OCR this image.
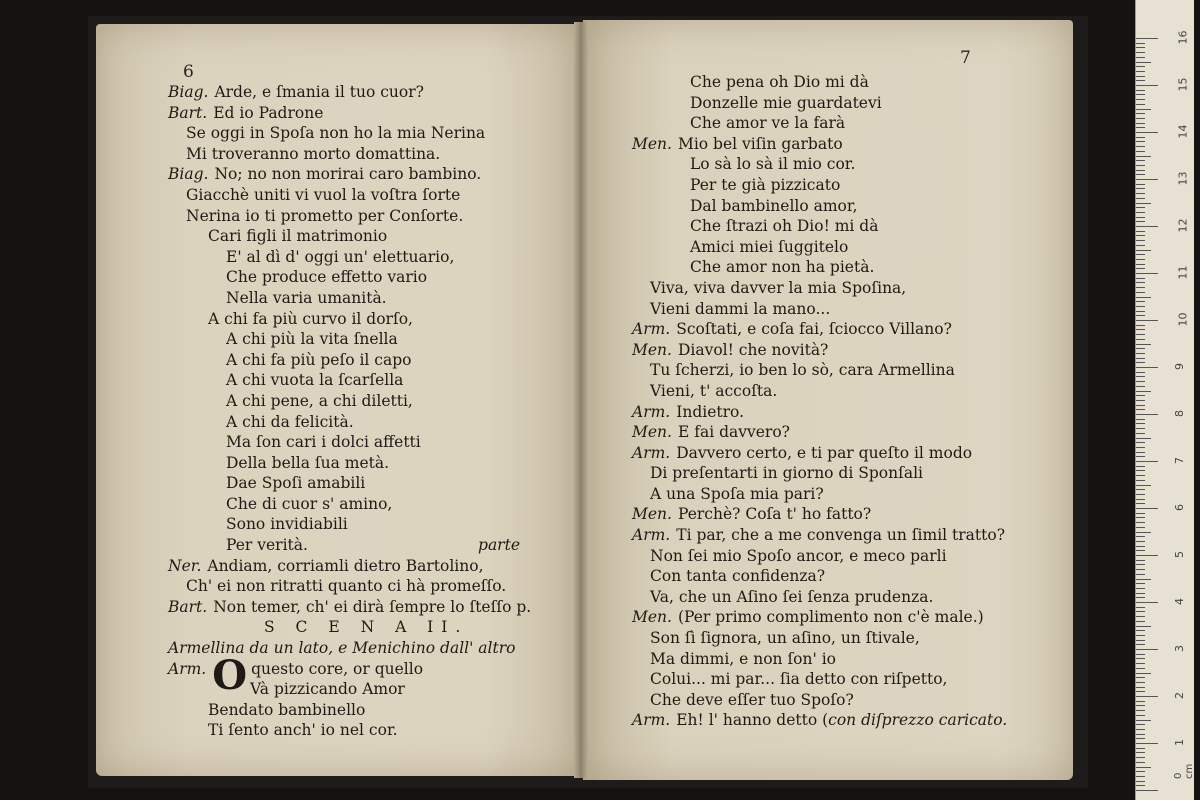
6
7
Biag. Arde, e ſmania il tuo cuor?
Bart. Ed io Padrone
Se oggi in Spoſa non ho la mia Nerina
Mi troveranno morto domattina.
Biag. No; no non morirai caro bambino.
Giacchè uniti vi vuol la voſtra ſorte
Nerina io ti prometto per Conſorte.
Cari figli il matrimonio
E' al dì d' oggi un' elettuario,
Che produce effetto vario
Nella varia umanità.
A chi fa più curvo il dorſo,
A chi più la vita ſnella
A chi fa più peſo il capo
A chi vuota la ſcarſella
A chi pene, a chi diletti,
A chi da felicità.
Ma ſon cari i dolci affetti
Della bella ſua metà.
Dae Spoſi amabili
Che di cuor s' amino,
Sono invidiabili
Per verità.	parte
Ner. Andiam, corriamli dietro Bartolino,
Ch' ei non ritratti quanto ci hà promeſſo.
Bart. Non temer, ch' ei dirà ſempre lo ſteſſo p.
S C E N A II.
Armellina da un lato, e Menichino dall' altro
Arm. O questo core, or quello
Và pizzicando Amor
Bendato bambinello
Ti ſento anch' io nel cor.
Che pena oh Dio mi dà
Donzelle mie guardatevi
Che amor ve la farà
Men. Mio bel viſin garbato
Lo sà lo sà il mio cor.
Per te già pizzicato
Dal bambinello amor,
Che ſtrazi oh Dio! mi dà
Amici miei ſuggitelo
Che amor non ha pietà.
Viva, viva davver la mia Spoſina,
Vieni dammi la mano...
Arm. Scoſtati, e coſa fai, ſciocco Villano?
Men. Diavol! che novità?
Tu ſcherzi, io ben lo sò, cara Armellina
Vieni, t' accoſta.
Arm. Indietro.
Men. E fai davvero?
Arm. Davvero certo, e ti par queſto il modo
Di preſentarti in giorno di Sponſali
A una Spoſa mia pari?
Men. Perchè? Coſa t' ho fatto?
Arm. Ti par, che a me convenga un ſimil tratto?
Non ſei mio Spoſo ancor, e meco parli
Con tanta confidenza?
Va, che un Aſino ſei ſenza prudenza.
Men. (Per primo complimento non c'è male.)
Son ſì ſignora, un aſino, un ſtivale,
Ma dimmi, e non ſon' io
Colui... mi par... ſia detto con riſpetto,
Che deve eſſer tuo Spoſo?
Arm. Eh! l' hanno detto (con diſprezzo caricato.
0 cm
1
2
3
4
5
6
7
8
9
10
11
12
13
14
15
16
